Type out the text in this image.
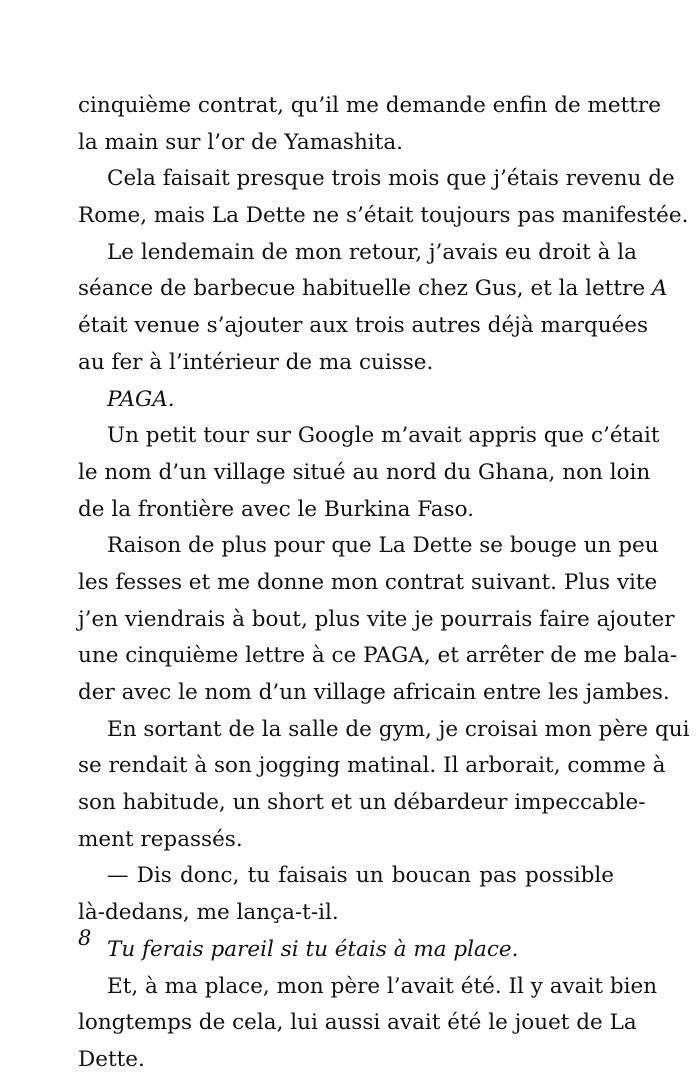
cinquième contrat, qu’il me demande enfin de mettre
la main sur l’or de Yamashita.
Cela faisait presque trois mois que j’étais revenu de
Rome, mais La Dette ne s’était toujours pas manifestée.
Le lendemain de mon retour, j’avais eu droit à la
séance de barbecue habituelle chez Gus, et la lettre A
était venue s’ajouter aux trois autres déjà marquées
au fer à l’intérieur de ma cuisse.
PAGA.
Un petit tour sur Google m’avait appris que c’était
le nom d’un village situé au nord du Ghana, non loin
de la frontière avec le Burkina Faso.
Raison de plus pour que La Dette se bouge un peu
les fesses et me donne mon contrat suivant. Plus vite
j’en viendrais à bout, plus vite je pourrais faire ajouter
une cinquième lettre à ce PAGA, et arrêter de me bala-
der avec le nom d’un village africain entre les jambes.
En sortant de la salle de gym, je croisai mon père qui
se rendait à son jogging matinal. Il arborait, comme à
son habitude, un short et un débardeur impeccable-
ment repassés.
— Dis donc, tu faisais un boucan pas possible
là-dedans, me lança-t-il.
Tu ferais pareil si tu étais à ma place.
Et, à ma place, mon père l’avait été. Il y avait bien
longtemps de cela, lui aussi avait été le jouet de La
Dette.
8
